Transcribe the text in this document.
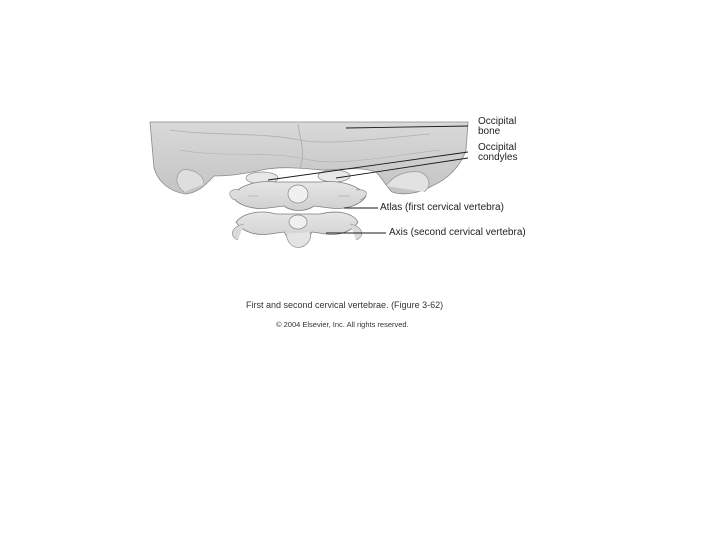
Occipital
bone
Occipital
condyles
Atlas (first cervical vertebra)
Axis (second cervical vertebra)
First and second cervical vertebrae. (Figure 3-62)
© 2004 Elsevier, Inc. All rights reserved.
